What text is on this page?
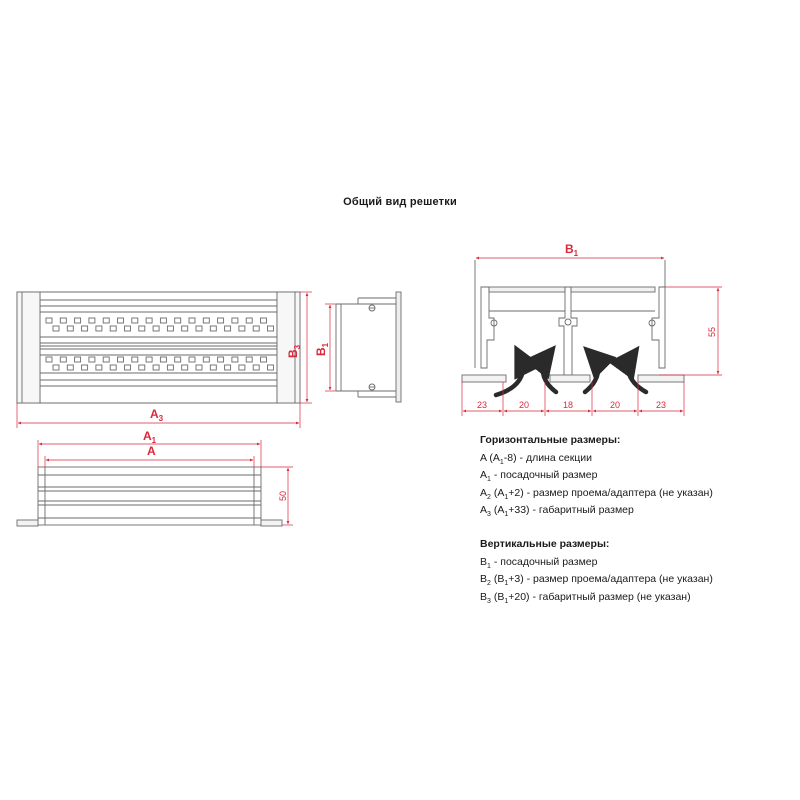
Общий вид решетки
$A_3$
$B_3$
$B_1$
$A_1$
A
50
$B_1$
55
23	20	18	20	23
Горизонтальные размеры:
A $(A_1-8)$ - длина секции
$A_1$ - посадочный размер
$A_2$ $(A_1+2)$ - размер проема/адаптера (не указан)
$A_3$ $(A_1+33)$ - габаритный размер
Вертикальные размеры:
$B_1$ - посадочный размер
$B_2$ $(B_1+3)$ - размер проема/адаптера (не указан)
$B_3$ $(B_1+20)$ - габаритный размер (не указан)
